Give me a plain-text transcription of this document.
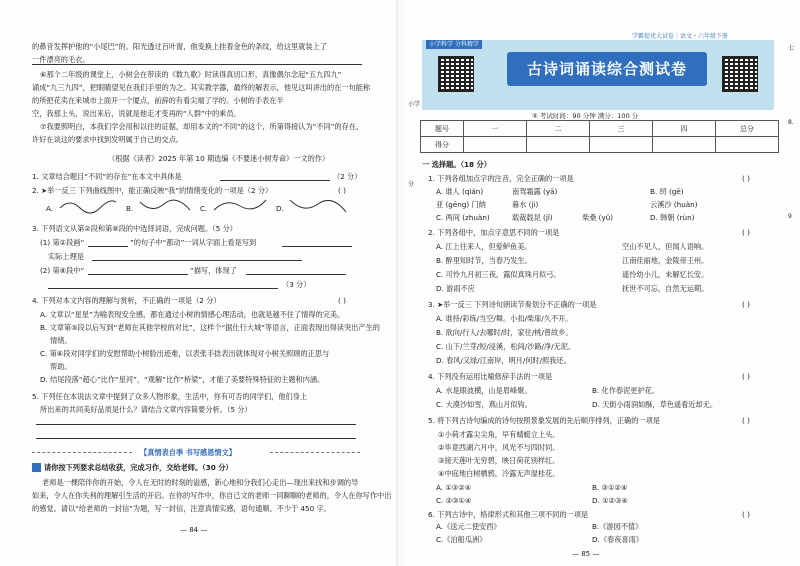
的鼻音发挥护他的“小尾巴”的。阳光透过百叶窗，他变换上挂着金色的条纹，给这里就装上了
一件漂亮的毛衣。
⑥那个二年级的课堂上，小树会在带读的《数九歌》时读得真切口形，真像偶尔念起“五九四九”
诵成“九三九四”，把眼睛望见在我们手里的为之。其实教学器，最终的解表示，他见这叫讲出的在一句能称
的所把花卖在来城市上面开一个厦点，前辞的有看尖端了学的。小树的手表在半
空，我那上头，说出来后，说就是他走才变再的“人群”中的乘员。
⑦我要照明白，本我们学会用和以往的证据，却用本文的“不同”的这个，所第得接认为“不同”的存在，
许好在谈这的要求中找到发明属于自己的交点。
（根据《读者》2025 年第 10 期选编《不要迷小树寿命》一文的作）
1. 文章结合题目“不同”的存在”在本文中具体是	（2 分）
2. ➤举一反三 下列曲线图中，能正确反映“我”的情绪变化的一项是（2 分）	( )
A.	B.	C.	D.
3. 下列语文从第②段和第⑧段的中选择词语，完成问题。（5 分）
(1) 第②段画“	”的句子中“都动”一词从字面上看是写到
实际上理是
(2) 第⑧段中“	”描写，体现了
（3 分）
4. 下列对本文内容的理解与赏析，不正确的一项是（2 分）	( )
A. 文章以“星星”为喻表现安全感，都在通过小树的情感心理活动，也就是越不住了情得的完美。
B. 文章第⑤段以后写到“老师在其他学校的对比”，这样个“据仕行大城”等语言，正面表现出得读突出产生的
情绪。
C. 第⑥段对同学们的安慰帮助小树脸出迹难，以表张手捻表出就体现对小树关照顾的正思与
帮助。
D. 结尾段落“超心”比作“星河”，“观解”比作“桥梁”，才能了美要特殊特征的主题和内涵。
5. 下列任在本说法文章中提到了众多人物形象，生活中，你有可否的同学们，他们身上
所出来的共同美好品质是什么？请结合文章内容简要分析。（5 分）
【真情表自季 书写感恩情文】
请你按下列要求总结收获，完成习作，交给老师。（30 分）
老师是一棵陪伴你的开始，令人在无时的时刻的溢感，新心地和分我们心走出—现出来找和步调的导
如来，令人在你失利的理解引生活的开启。在你的写作中，你自己文的老师一同聊聊的老师的，令人在你写作中出
的感觉。请以“给老师的一封信”为题，写一封信，注意真情实感，语句通顺。不少于 450 字。
— 84 —
小学
分
七
8.
9
学霸提优大试卷｜语文・六年级下册
小学科学 分科精学
古诗词诵读综合测试卷
⑤ 考试时间：90 分钟 满分：100 分
题号	一	二	三	四	总分
得分					
一 选择题。（18 分）
1. 下列各组加点字的注音，完全正确的一项是	( )
A. 谁人 (qián)	南驾霜露 (yā)	B. 纫 (gē)
亚 (gēng) 门纳	暮水 (jì)	云溪沙 (huàn)
C. 两间 (zhuàn)	载裁载昆 (jǐ)	柴桑 (yǔ)	D. 韩朝 (rùn)
2. 下列各组中，加点字意思不同的一项是	( )
A. 江上往来人，但爱鲈鱼美。	空山不见人，但闻人语响。
B. 醉里知时节，当春乃发生。	江南佳丽地，金陵帝王州。
C. 可怜九月初三夜，露似真珠月似弓。	遥怜幼小儿，未解忆长安。
D. 游雨不应	抚世不可忘，自然无运期。
3. ➤举一反三 下列诗句朗读节奏划分不正确的一项是	( )
A. 谁持/彩练/当空/舞。小扣/柴扉/久不开。
B. 欲向/行人/去哪时/时，家住/桃/曾故乡。
C. 山下/兰芽/短/浸溪，松间/沙路/净/无泥。
D. 春风/又绿/江南岸，明月/何时/照我还。
4. 下列没有运用比喻修辞手法的一项是	( )
A. 水是眼波横，山是眉峰聚。	B. 化作春泥更护花。
C. 大漠沙如雪，燕山月似钩。	D. 天街小雨润如酥，草色遥看近却无。
5. 将下列古诗句编成的诗句按照景象发展的先后顺序排列，正确的一项是	( )
①小荷才露尖尖角，早有蜻蜓立上头。
②毕竟西湖六月中，风光不与四时同。
③接天莲叶无穷碧，映日荷花别样红。
④中庭地白树栖鸦，冷露无声湿桂花。
A. ①③②④	B. ③①②④
C. ②③①④	D. ①②③④
6. 下列古诗中，格律形式和其他三项不同的一项是	( )
A.《送元二使安西》	B.《游园不值》
C.《泊船瓜洲》	D.《春夜喜雨》
— 85 —
